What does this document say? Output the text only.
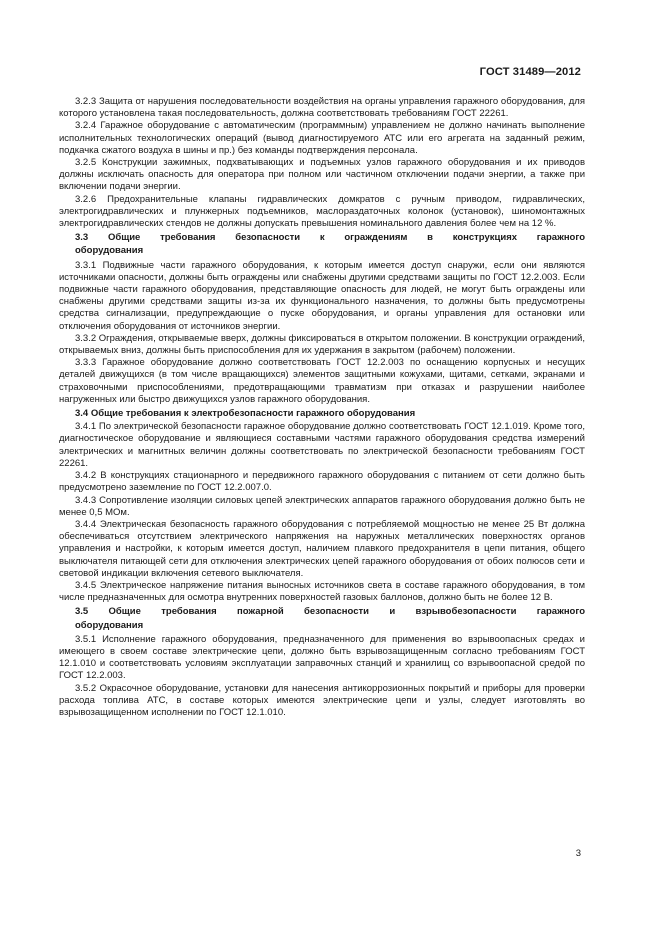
ГОСТ 31489—2012

3.2.3 Защита от нарушения последовательности воздействия на органы управления гаражного оборудования, для которого установлена такая последовательность, должна соответствовать требованиям ГОСТ 22261.

3.2.4 Гаражное оборудование с автоматическим (программным) управлением не должно начинать выполнение исполнительных технологических операций (вывод диагностируемого АТС или его агрегата на заданный режим, подкачка сжатого воздуха в шины и пр.) без команды подтверждения персонала.

3.2.5 Конструкции зажимных, подхватывающих и подъемных узлов гаражного оборудования и их приводов должны исключать опасность для оператора при полном или частичном отключении подачи энергии, а также при включении подачи энергии.

3.2.6 Предохранительные клапаны гидравлических домкратов с ручным приводом, гидравлических, электрогидравлических и плунжерных подъемников, маслораздаточных колонок (установок), шиномонтажных электрогидравлических стендов не должны допускать превышения номинального давления более чем на 12 %.

3.3 Общие требования безопасности к ограждениям в конструкциях гаражного
оборудования

3.3.1 Подвижные части гаражного оборудования, к которым имеется доступ снаружи, если они являются источниками опасности, должны быть ограждены или снабжены другими средствами защиты по ГОСТ 12.2.003. Если подвижные части гаражного оборудования, представляющие опасность для людей, не могут быть ограждены или снабжены другими средствами защиты из-за их функционального назначения, то должны быть предусмотрены средства сигнализации, предупреждающие о пуске оборудования, и органы управления для остановки или отключения оборудования от источников энергии.

3.3.2 Ограждения, открываемые вверх, должны фиксироваться в открытом положении. В конструкции ограждений, открываемых вниз, должны быть приспособления для их удержания в закрытом (рабочем) положении.

3.3.3 Гаражное оборудование должно соответствовать ГОСТ 12.2.003 по оснащению корпусных и несущих деталей движущихся (в том числе вращающихся) элементов защитными кожухами, щитами, сетками, экранами и страховочными приспособлениями, предотвращающими травматизм при отказах и разрушении наиболее нагруженных или быстро движущихся узлов гаражного оборудования.

3.4 Общие требования к электробезопасности гаражного оборудования

3.4.1 По электрической безопасности гаражное оборудование должно соответствовать ГОСТ 12.1.019. Кроме того, диагностическое оборудование и являющиеся составными частями гаражного оборудования средства измерений электрических и магнитных величин должны соответствовать по электрической безопасности требованиям ГОСТ 22261.

3.4.2 В конструкциях стационарного и передвижного гаражного оборудования с питанием от сети должно быть предусмотрено заземление по ГОСТ 12.2.007.0.

3.4.3 Сопротивление изоляции силовых цепей электрических аппаратов гаражного оборудования должно быть не менее 0,5 МОм.

3.4.4 Электрическая безопасность гаражного оборудования с потребляемой мощностью не менее 25 Вт должна обеспечиваться отсутствием электрического напряжения на наружных металлических поверхностях органов управления и настройки, к которым имеется доступ, наличием плавкого предохранителя в цепи питания, общего выключателя питающей сети для отключения электрических цепей гаражного оборудования от обоих полюсов сети и световой индикации включения сетевого выключателя.

3.4.5 Электрическое напряжение питания выносных источников света в составе гаражного оборудования, в том числе предназначенных для осмотра внутренних поверхностей газовых баллонов, должно быть не более 12 В.

3.5 Общие требования пожарной безопасности и взрывобезопасности гаражного
оборудования

3.5.1 Исполнение гаражного оборудования, предназначенного для применения во взрывоопасных средах и имеющего в своем составе электрические цепи, должно быть взрывозащищенным согласно требованиям ГОСТ 12.1.010 и соответствовать условиям эксплуатации заправочных станций и хранилищ со взрывоопасной средой по ГОСТ 12.2.003.

3.5.2 Окрасочное оборудование, установки для нанесения антикоррозионных покрытий и приборы для проверки расхода топлива АТС, в составе которых имеются электрические цепи и узлы, следует изготовлять во взрывозащищенном исполнении по ГОСТ 12.1.010.

3
